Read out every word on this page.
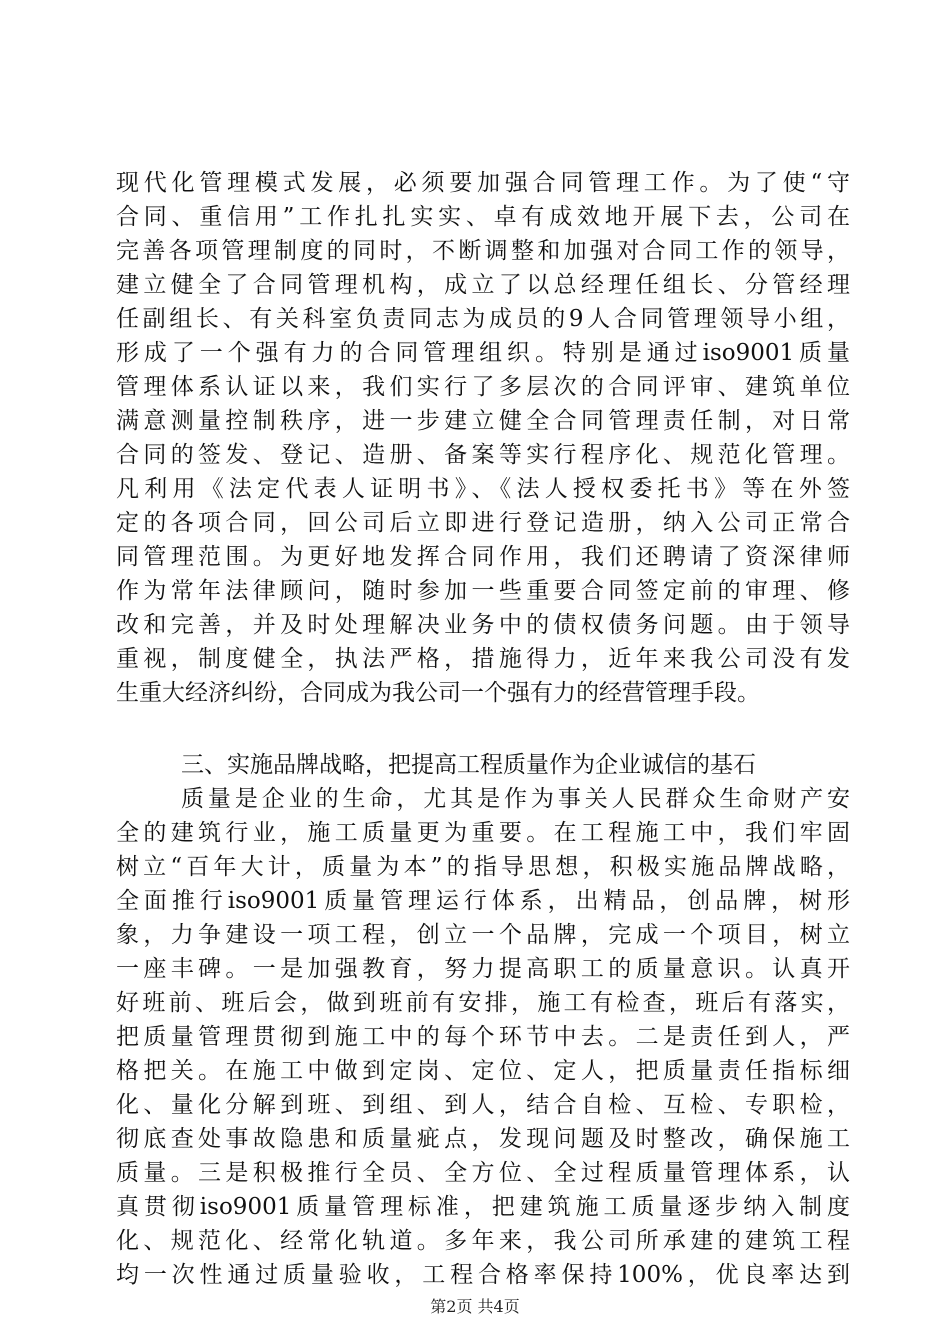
现代化管理模式发展，必须要加强合同管理工作。为了使“守
合同、重信用”工作扎扎实实、卓有成效地开展下去，公司在
完善各项管理制度的同时，不断调整和加强对合同工作的领导，
建立健全了合同管理机构，成立了以总经理任组长、分管经理
任副组长、有关科室负责同志为成员的9人合同管理领导小组，
形成了一个强有力的合同管理组织。特别是通过iso9001质量
管理体系认证以来，我们实行了多层次的合同评审、建筑单位
满意测量控制秩序，进一步建立健全合同管理责任制，对日常
合同的签发、登记、造册、备案等实行程序化、规范化管理。
凡利用《法定代表人证明书》、《法人授权委托书》等在外签
定的各项合同，回公司后立即进行登记造册，纳入公司正常合
同管理范围。为更好地发挥合同作用，我们还聘请了资深律师
作为常年法律顾问，随时参加一些重要合同签定前的审理、修
改和完善，并及时处理解决业务中的债权债务问题。由于领导
重视，制度健全，执法严格，措施得力，近年来我公司没有发
生重大经济纠纷，合同成为我公司一个强有力的经营管理手段。
三、实施品牌战略，把提高工程质量作为企业诚信的基石
质量是企业的生命，尤其是作为事关人民群众生命财产安
全的建筑行业，施工质量更为重要。在工程施工中，我们牢固
树立“百年大计，质量为本”的指导思想，积极实施品牌战略，
全面推行iso9001质量管理运行体系，出精品，创品牌，树形
象，力争建设一项工程，创立一个品牌，完成一个项目，树立
一座丰碑。一是加强教育，努力提高职工的质量意识。认真开
好班前、班后会，做到班前有安排，施工有检查，班后有落实，
把质量管理贯彻到施工中的每个环节中去。二是责任到人，严
格把关。在施工中做到定岗、定位、定人，把质量责任指标细
化、量化分解到班、到组、到人，结合自检、互检、专职检，
彻底查处事故隐患和质量疵点，发现问题及时整改，确保施工
质量。三是积极推行全员、全方位、全过程质量管理体系，认
真贯彻iso9001质量管理标准，把建筑施工质量逐步纳入制度
化、规范化、经常化轨道。多年来，我公司所承建的建筑工程
均一次性通过质量验收，工程合格率保持100%，优良率达到
第2页 共4页
